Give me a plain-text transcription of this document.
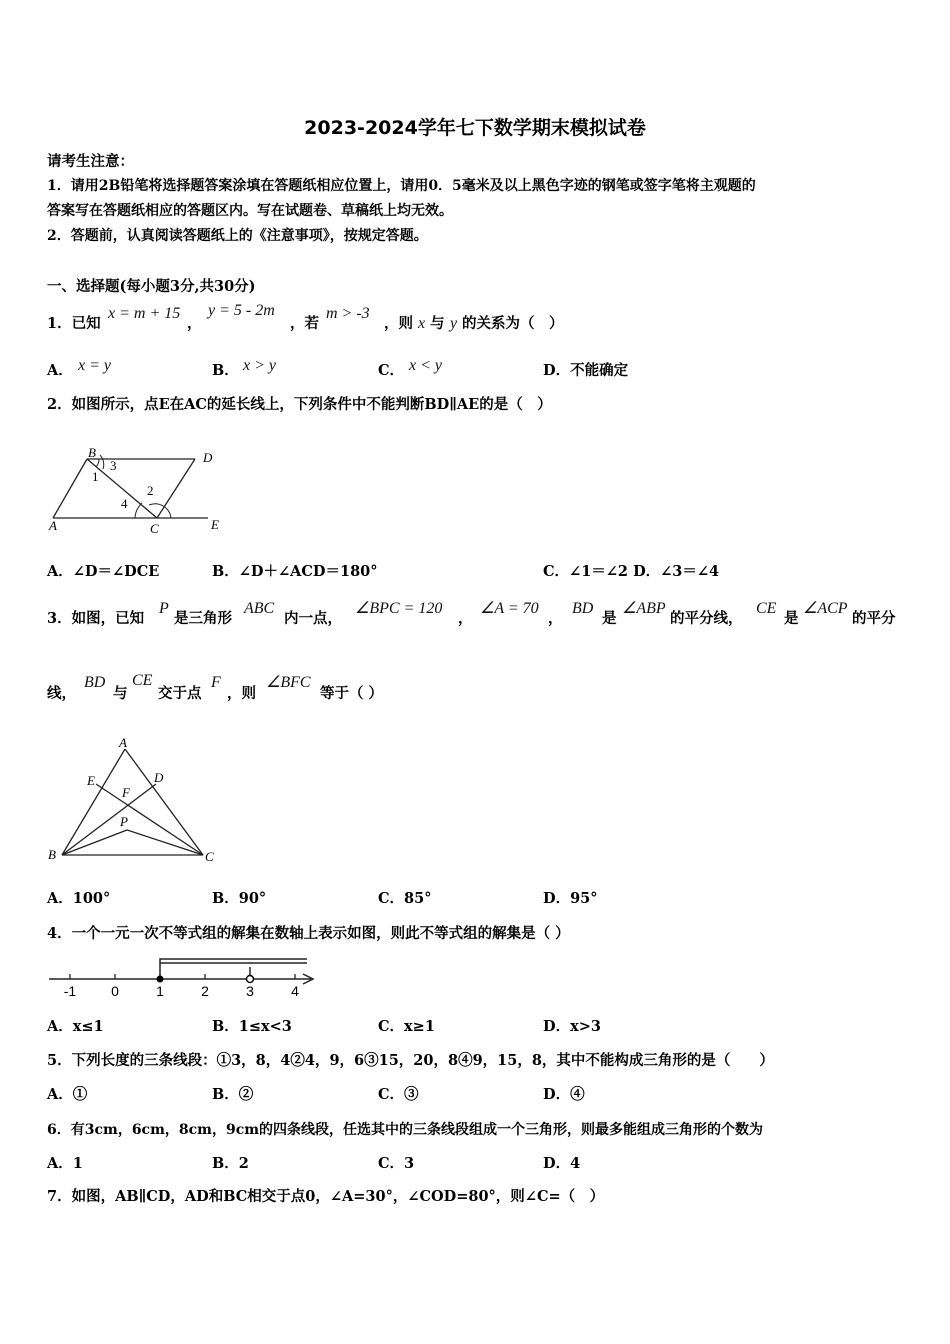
2023-2024学年七下数学期末模拟试卷
请考生注意：
1．请用2B铅笔将选择题答案涂填在答题纸相应位置上，请用0．5毫米及以上黑色字迹的钢笔或签字笔将主观题的
答案写在答题纸相应的答题区内。写在试题卷、草稿纸上均无效。
2．答题前，认真阅读答题纸上的《注意事项》，按规定答题。
一、选择题(每小题3分,共30分)
1．已知
x = m + 15
，
y = 5 - 2m
，若
m > -3
，则 x 与 y 的关系为（　）
A． x = y	B． x > y	C． x < y	D．不能确定
2．如图所示，点E在AC的延长线上，下列条件中不能判断BD∥AE的是（　）
B	D
A	C	E
1
2
3
4
A．∠D＝∠DCE	B．∠D＋∠ACD＝180°	C．∠1＝∠2 D．∠3＝∠4
3．如图，已知
P
是三角形
ABC
内一点，
∠BPC = 120
，
∠A = 70
，
BD
是
∠ABP
的平分线，
CE
是
∠ACP
的平分
线，
BD
与
CE
交于点
F
，则
∠BFC
等于（ ）
A
E	D
F
P
B	C
A．100°	B．90°	C．85°	D．95°
4．一个一元一次不等式组的解集在数轴上表示如图，则此不等式组的解集是（ ）
-1 0	1	2	3	4
A．x≤1	B．1≤x<3	C．x≥1	D．x>3
5．下列长度的三条线段：①3，8，4②4，9，6③15，20，8④9，15，8，其中不能构成三角形的是（　　）
A．①	B．②	C．③	D．④
6．有3cm，6cm，8cm，9cm的四条线段，任选其中的三条线段组成一个三角形，则最多能组成三角形的个数为
A．1	B．2	C．3	D．4
7．如图，AB∥CD，AD和BC相交于点0，∠A=30°，∠COD=80°，则∠C=（　）
